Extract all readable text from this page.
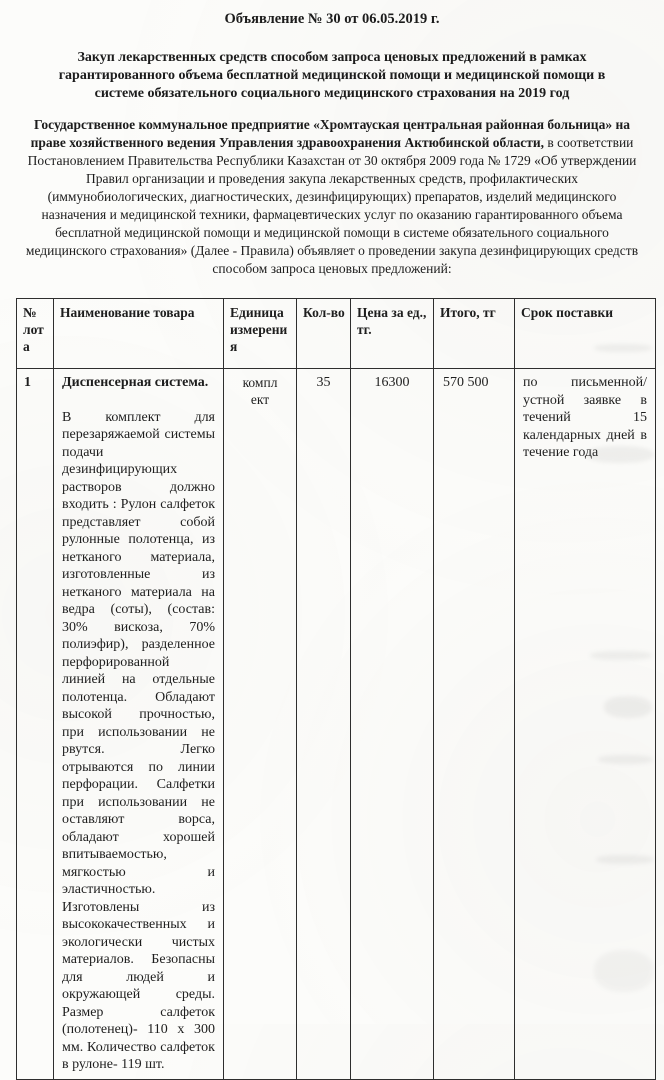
Объявление № 30 от 06.05.2019 г.

Закуп лекарственных средств способом запроса ценовых предложений в рамках гарантированного объема бесплатной медицинской помощи и медицинской помощи в системе обязательного социального медицинского страхования на 2019 год

Государственное коммунальное предприятие «Хромтауская центральная районная больница» на праве хозяйственного ведения Управления здравоохранения Актюбинской области, в соответствии Постановлением Правительства Республики Казахстан от 30 октября 2009 года № 1729 «Об утверждении Правил организации и проведения закупа лекарственных средств, профилактических (иммунобиологических, диагностических, дезинфицирующих) препаратов, изделий медицинского назначения и медицинской техники, фармацевтических услуг по оказанию гарантированного объема бесплатной медицинской помощи и медицинской помощи в системе обязательного социального медицинского страхования» (Далее - Правила) объявляет о проведении закупа дезинфицирующих средств способом запроса ценовых предложений:

№ лота	Наименование товара	Единица измерения	Кол-во	Цена за ед., тг.	Итого, тг	Срок поставки
1	Диспенсерная система.
В комплект для перезаряжаемой системы подачи дезинфицирующих растворов должно входить : Рулон салфеток представляет собой рулонные полотенца, из нетканого материала, изготовленные из нетканого материала на ведра (соты), (состав: 30% вискоза, 70% полиэфир), разделенное перфорированной линией на отдельные полотенца. Обладают высокой прочностью, при использовании не рвутся. Легко отрываются по линии перфорации. Салфетки при использовании не оставляют ворса, обладают хорошей впитываемостью, мягкостью и эластичностью. Изготовлены из высококачественных и экологически чистых материалов. Безопасны для людей и окружающей среды. Размер салфеток (полотенец)- 110 х 300 мм. Количество салфеток в рулоне- 119 шт.	комплект	35	16300	570 500	по письменной/устной заявке в течений 15 календарных дней в течение года
